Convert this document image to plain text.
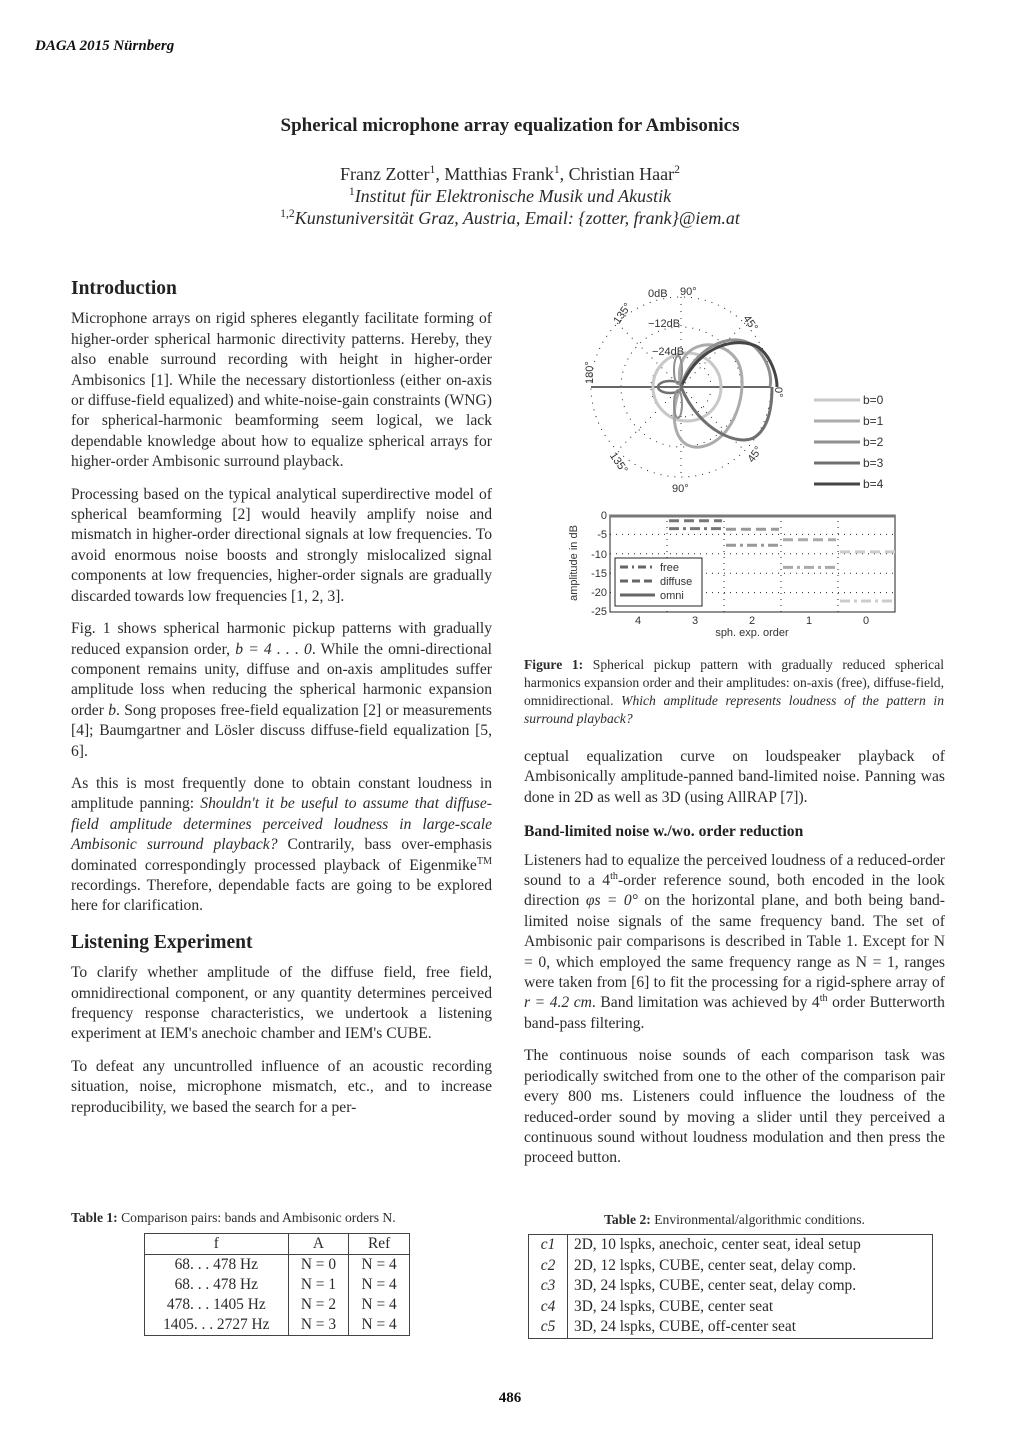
DAGA 2015 Nürnberg
Spherical microphone array equalization for Ambisonics
Franz Zotter$^1$, Matthias Frank$^1$, Christian Haar$^2$
$^1$Institut für Elektronische Musik und Akustik
$^{1,2}$Kunstuniversität Graz, Austria, Email: {zotter, frank}@iem.at
Introduction

Microphone arrays on rigid spheres elegantly facilitate forming of higher-order spherical harmonic directivity patterns. Hereby, they also enable surround recording with height in higher-order Ambisonics [1]. While the necessary distortionless (either on-axis or diffuse-field equalized) and white-noise-gain constraints (WNG) for spherical-harmonic beamforming seem logical, we lack dependable knowledge about how to equalize spherical arrays for higher-order Ambisonic surround playback.

Processing based on the typical analytical superdirective model of spherical beamforming [2] would heavily amplify noise and mismatch in higher-order directional signals at low frequencies. To avoid enormous noise boosts and strongly mislocalized signal components at low frequencies, higher-order signals are gradually discarded towards low frequencies [1, 2, 3].

Fig. 1 shows spherical harmonic pickup patterns with gradually reduced expansion order, b = 4 . . . 0. While the omni-directional component remains unity, diffuse and on-axis amplitudes suffer amplitude loss when reducing the spherical harmonic expansion order b. Song proposes free-field equalization [2] or measurements [4]; Baumgartner and Lösler discuss diffuse-field equalization [5, 6].

As this is most frequently done to obtain constant loudness in amplitude panning: Shouldn't it be useful to assume that diffuse-field amplitude determines perceived loudness in large-scale Ambisonic surround playback? Contrarily, bass over-emphasis dominated correspondingly processed playback of Eigenmike™ recordings. Therefore, dependable facts are going to be explored here for clarification.

Listening Experiment

To clarify whether amplitude of the diffuse field, free field, omnidirectional component, or any quantity determines perceived frequency response characteristics, we undertook a listening experiment at IEM's anechoic chamber and IEM's CUBE.

To defeat any uncuntrolled influence of an acoustic recording situation, noise, microphone mismatch, etc., and to increase reproducibility, we based the search for a per-

Table 1: Comparison pairs: bands and Ambisonic orders N.
f	A	Ref
68. . . 478 Hz	N = 0	N = 4
68. . . 478 Hz	N = 1	N = 4
478. . . 1405 Hz	N = 2	N = 4
1405. . . 2727 Hz	N = 3	N = 4
0dB 90°
−12dB
−24dB
135°	45°
180°
0°
135°	45°
90°
b=0
b=1
b=2
b=3
b=4
free
diffuse
omni
0
-5
-10
-15
-20
-25
4	3	2	1	0
sph. exp. order
amplitude in dB
Figure 1: Spherical pickup pattern with gradually reduced spherical harmonics expansion order and their amplitudes: on-axis (free), diffuse-field, omnidirectional. Which amplitude represents loudness of the pattern in surround playback?

ceptual equalization curve on loudspeaker playback of Ambisonically amplitude-panned band-limited noise. Panning was done in 2D as well as 3D (using AllRAP [7]).

Band-limited noise w./wo. order reduction

Listeners had to equalize the perceived loudness of a reduced-order sound to a 4th-order reference sound, both encoded in the look direction φs = 0° on the horizontal plane, and both being band-limited noise signals of the same frequency band. The set of Ambisonic pair comparisons is described in Table 1. Except for N = 0, which employed the same frequency range as N = 1, ranges were taken from [6] to fit the processing for a rigid-sphere array of r = 4.2 cm. Band limitation was achieved by 4th order Butterworth band-pass filtering.

The continuous noise sounds of each comparison task was periodically switched from one to the other of the comparison pair every 800 ms. Listeners could influence the loudness of the reduced-order sound by moving a slider until they perceived a continuous sound without loudness modulation and then press the proceed button.

Table 2: Environmental/algorithmic conditions.
c1	2D, 10 lspks, anechoic, center seat, ideal setup
c2	2D, 12 lspks, CUBE, center seat, delay comp.
c3	3D, 24 lspks, CUBE, center seat, delay comp.
c4	3D, 24 lspks, CUBE, center seat
c5	3D, 24 lspks, CUBE, off-center seat
486
